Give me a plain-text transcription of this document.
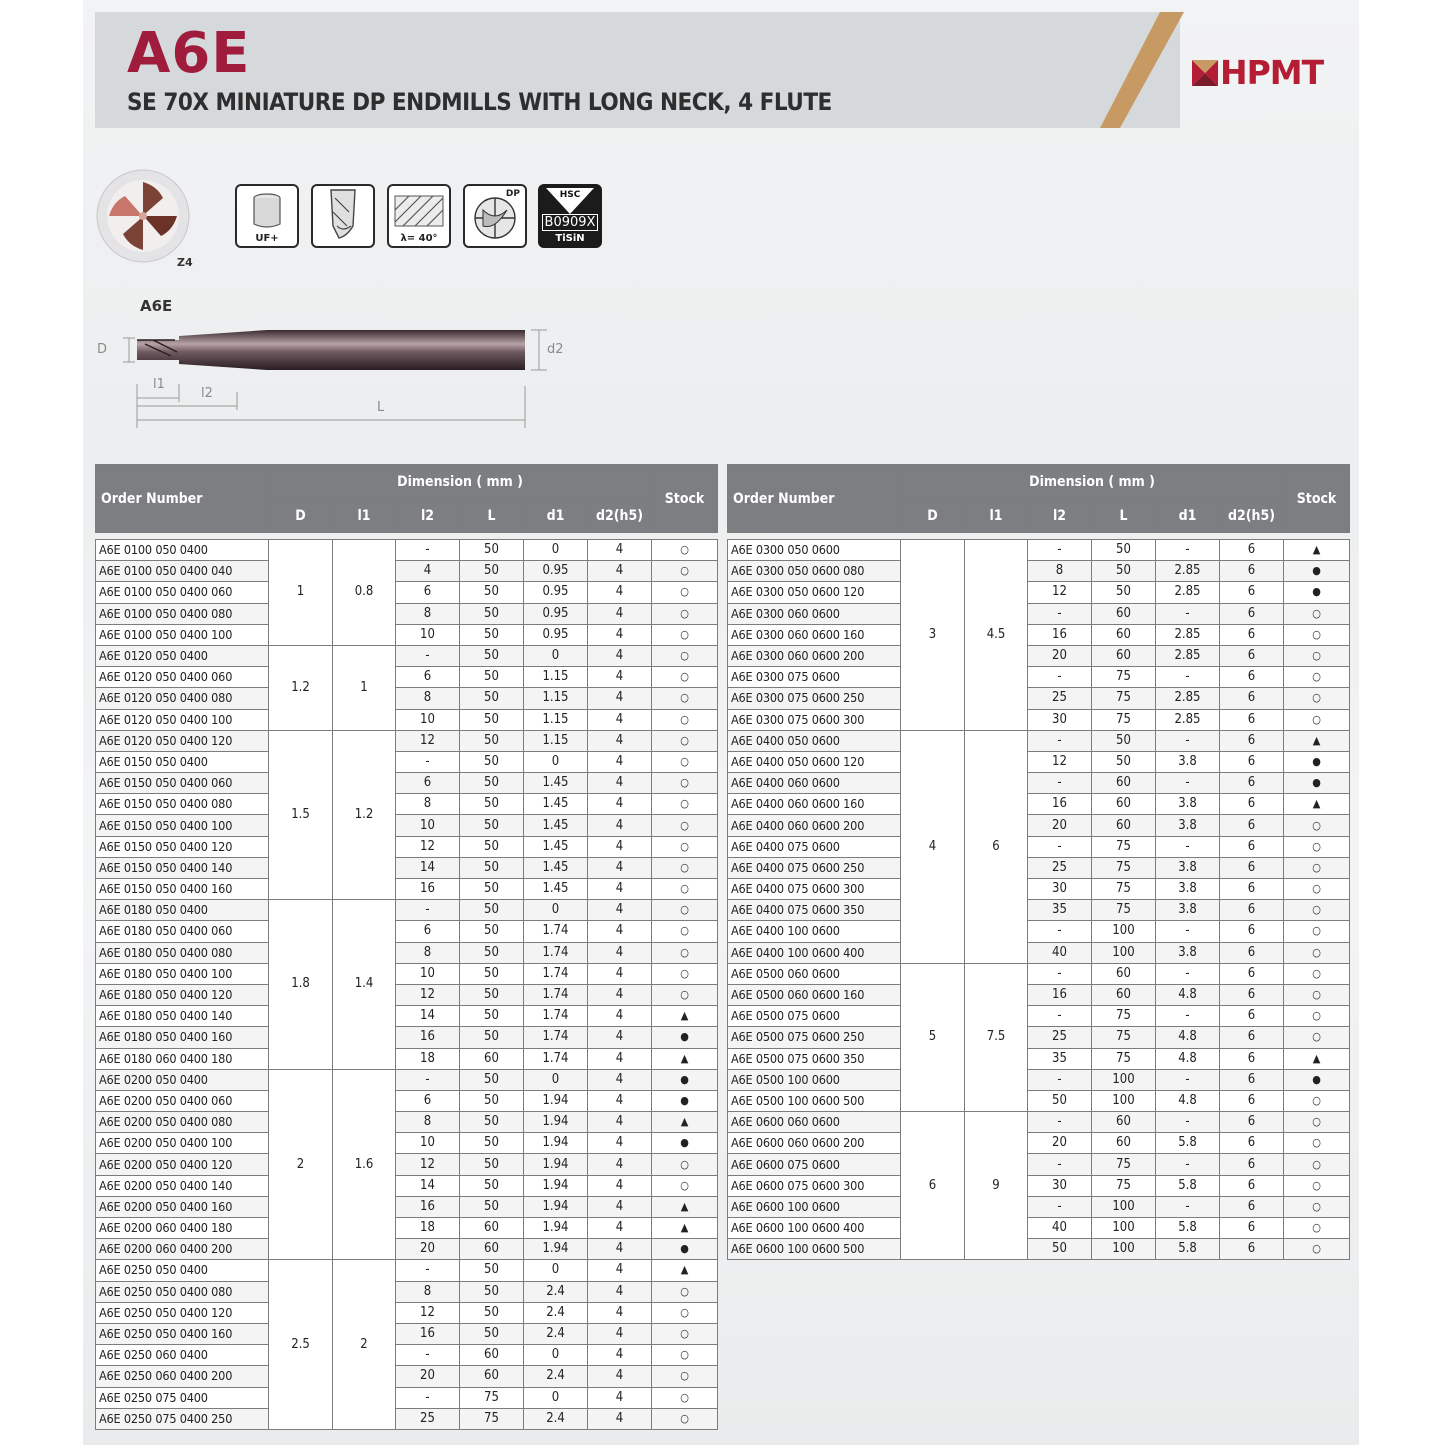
A6E
SE 70X MINIATURE DP ENDMILLS WITH LONG NECK, 4 FLUTE
HPMT
Z4
UF+	λ= 40°
DP	HSC
B0909X
TiSiN
A6E
D	d2
l1
l2
L
Order Number	Dimension ( mm )						Stock
	D	l1	l2	L	d1	d2(h5)	

A6E 0100 050 0400	1	0.8	-	50	0	4	○
A6E 0100 050 0400 040			4	50	0.95	4	○
A6E 0100 050 0400 060			6	50	0.95	4	○
A6E 0100 050 0400 080			8	50	0.95	4	○
A6E 0100 050 0400 100			10	50	0.95	4	○
A6E 0120 050 0400	1.2	1	-	50	0	4	○
A6E 0120 050 0400 060			6	50	1.15	4	○
A6E 0120 050 0400 080			8	50	1.15	4	○
A6E 0120 050 0400 100			10	50	1.15	4	○
A6E 0120 050 0400 120	1.5	1.2	12	50	1.15	4	○
A6E 0150 050 0400			-	50	0	4	○
A6E 0150 050 0400 060			6	50	1.45	4	○
A6E 0150 050 0400 080			8	50	1.45	4	○
A6E 0150 050 0400 100			10	50	1.45	4	○
A6E 0150 050 0400 120			12	50	1.45	4	○
A6E 0150 050 0400 140			14	50	1.45	4	○
A6E 0150 050 0400 160			16	50	1.45	4	○
A6E 0180 050 0400	1.8	1.4	-	50	0	4	○
A6E 0180 050 0400 060			6	50	1.74	4	○
A6E 0180 050 0400 080			8	50	1.74	4	○
A6E 0180 050 0400 100			10	50	1.74	4	○
A6E 0180 050 0400 120			12	50	1.74	4	○
A6E 0180 050 0400 140			14	50	1.74	4	▲
A6E 0180 050 0400 160			16	50	1.74	4	●
A6E 0180 060 0400 180			18	60	1.74	4	▲
A6E 0200 050 0400	2	1.6	-	50	0	4	●
A6E 0200 050 0400 060			6	50	1.94	4	●
A6E 0200 050 0400 080			8	50	1.94	4	▲
A6E 0200 050 0400 100			10	50	1.94	4	●
A6E 0200 050 0400 120			12	50	1.94	4	○
A6E 0200 050 0400 140			14	50	1.94	4	○
A6E 0200 050 0400 160			16	50	1.94	4	▲
A6E 0200 060 0400 180			18	60	1.94	4	▲
A6E 0200 060 0400 200			20	60	1.94	4	●
A6E 0250 050 0400	2.5	2	-	50	0	4	▲
A6E 0250 050 0400 080			8	50	2.4	4	○
A6E 0250 050 0400 120			12	50	2.4	4	○
A6E 0250 050 0400 160			16	50	2.4	4	○
A6E 0250 060 0400			-	60	0	4	○
A6E 0250 060 0400 200			20	60	2.4	4	○
A6E 0250 075 0400			-	75	0	4	○
A6E 0250 075 0400 250			25	75	2.4	4	○
Order Number	Dimension ( mm )						Stock
	D	l1	l2	L	d1	d2(h5)	

A6E 0300 050 0600	3	4.5	-	50	-	6	▲
A6E 0300 050 0600 080			8	50	2.85	6	●
A6E 0300 050 0600 120			12	50	2.85	6	●
A6E 0300 060 0600			-	60	-	6	○
A6E 0300 060 0600 160			16	60	2.85	6	○
A6E 0300 060 0600 200			20	60	2.85	6	○
A6E 0300 075 0600			-	75	-	6	○
A6E 0300 075 0600 250			25	75	2.85	6	○
A6E 0300 075 0600 300			30	75	2.85	6	○
A6E 0400 050 0600	4	6	-	50	-	6	▲
A6E 0400 050 0600 120			12	50	3.8	6	●
A6E 0400 060 0600			-	60	-	6	●
A6E 0400 060 0600 160			16	60	3.8	6	▲
A6E 0400 060 0600 200			20	60	3.8	6	○
A6E 0400 075 0600			-	75	-	6	○
A6E 0400 075 0600 250			25	75	3.8	6	○
A6E 0400 075 0600 300			30	75	3.8	6	○
A6E 0400 075 0600 350			35	75	3.8	6	○
A6E 0400 100 0600			-	100	-	6	○
A6E 0400 100 0600 400			40	100	3.8	6	○
A6E 0500 060 0600	5	7.5	-	60	-	6	○
A6E 0500 060 0600 160			16	60	4.8	6	○
A6E 0500 075 0600			-	75	-	6	○
A6E 0500 075 0600 250			25	75	4.8	6	○
A6E 0500 075 0600 350			35	75	4.8	6	▲
A6E 0500 100 0600			-	100	-	6	●
A6E 0500 100 0600 500			50	100	4.8	6	○
A6E 0600 060 0600	6	9	-	60	-	6	○
A6E 0600 060 0600 200			20	60	5.8	6	○
A6E 0600 075 0600			-	75	-	6	○
A6E 0600 075 0600 300			30	75	5.8	6	○
A6E 0600 100 0600			-	100	-	6	○
A6E 0600 100 0600 400			40	100	5.8	6	○
A6E 0600 100 0600 500			50	100	5.8	6	○
